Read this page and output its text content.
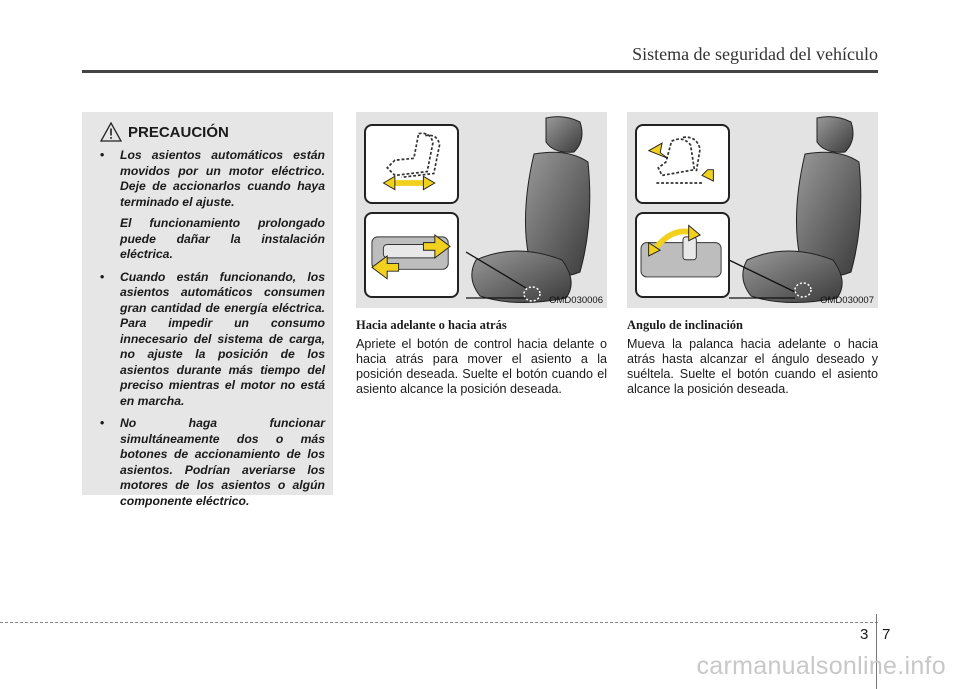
Sistema de seguridad del vehículo
PRECAUCIÓN
• Los asientos automáticos están movidos por un motor eléctrico. Deje de accionarlos cuando haya terminado el ajuste.

El funcionamiento prolongado puede dañar la instalación eléctrica.

• Cuando están funcionando, los asientos automáticos consumen gran cantidad de energía eléctrica. Para impedir un consumo innecesario del sistema de carga, no ajuste la posición de los asientos durante más tiempo del preciso mientras el motor no está en marcha.

• No haga funcionar simultáneamente dos o más botones de accionamiento de los asientos. Podrían averiarse los motores de los asientos o algún componente eléctrico.

OMD030006	OMD030007
Hacia adelante o hacia atrás

Apriete el botón de control hacia delante o hacia atrás para mover el asiento a la posición deseada. Suelte el botón cuando el asiento alcance la posición deseada.

Angulo de inclinación

Mueva la palanca hacia adelante o hacia atrás hasta alcanzar el ángulo deseado y suéltela. Suelte el botón cuando el asiento alcance la posición deseada.

3 7
carmanualsonline.info
